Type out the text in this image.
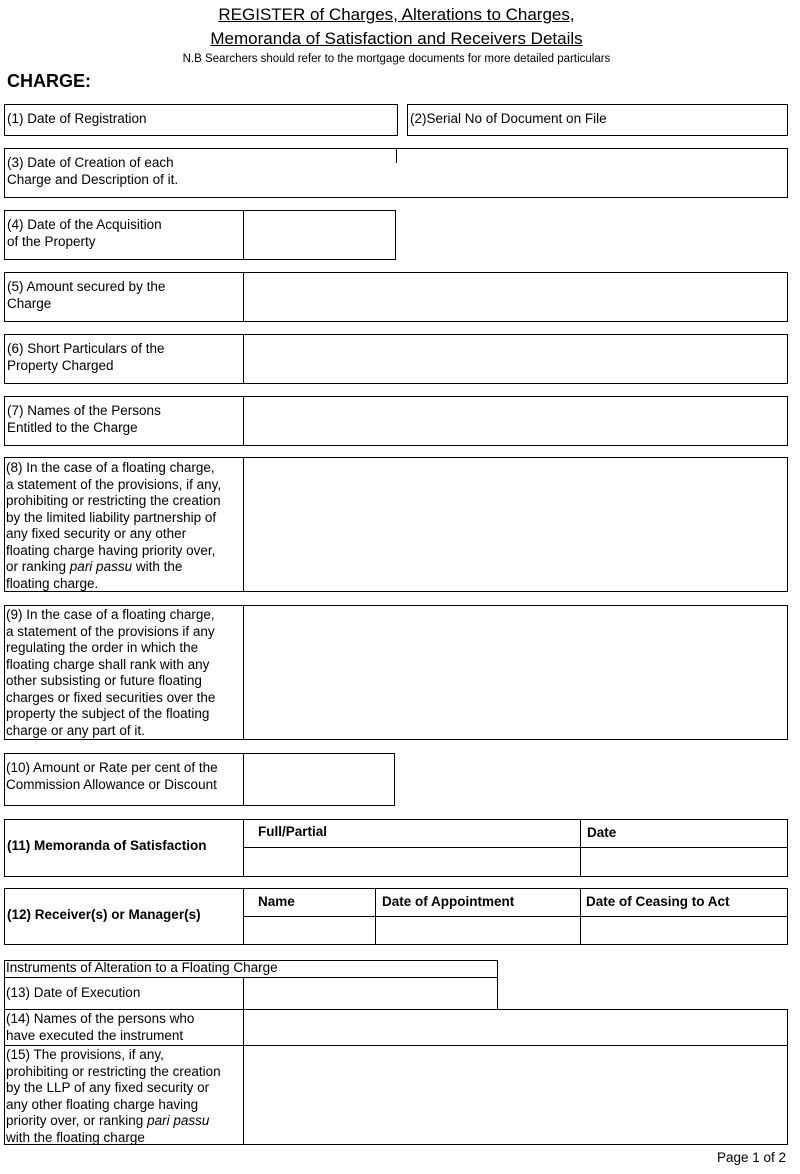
REGISTER of Charges, Alterations to Charges,
Memoranda of Satisfaction and Receivers Details
N.B Searchers should refer to the mortgage documents for more detailed particulars
CHARGE:
(1) Date of Registration	(2)Serial No of Document on File
(3) Date of Creation of each
Charge and Description of it.
(4) Date of the Acquisition
of the Property
(5) Amount secured by the
Charge
(6) Short Particulars of the
Property Charged
(7) Names of the Persons
Entitled to the Charge
(8) In the case of a floating charge,
a statement of the provisions, if any,
prohibiting or restricting the creation
by the limited liability partnership of
any fixed security or any other
floating charge having priority over,
or ranking pari passu with the
floating charge.
(9) In the case of a floating charge,
a statement of the provisions if any
regulating the order in which the
floating charge shall rank with any
other subsisting or future floating
charges or fixed securities over the
property the subject of the floating
charge or any part of it.
(10) Amount or Rate per cent of the
Commission Allowance or Discount
(11) Memoranda of Satisfaction
Full/Partial	Date
(12) Receiver(s) or Manager(s)
Name	Date of Appointment	Date of Ceasing to Act
Instruments of Alteration to a Floating Charge
(13) Date of Execution
(14) Names of the persons who
have executed the instrument
(15) The provisions, if any,
prohibiting or restricting the creation
by the LLP of any fixed security or
any other floating charge having
priority over, or ranking pari passu
with the floating charge
Page 1 of 2
